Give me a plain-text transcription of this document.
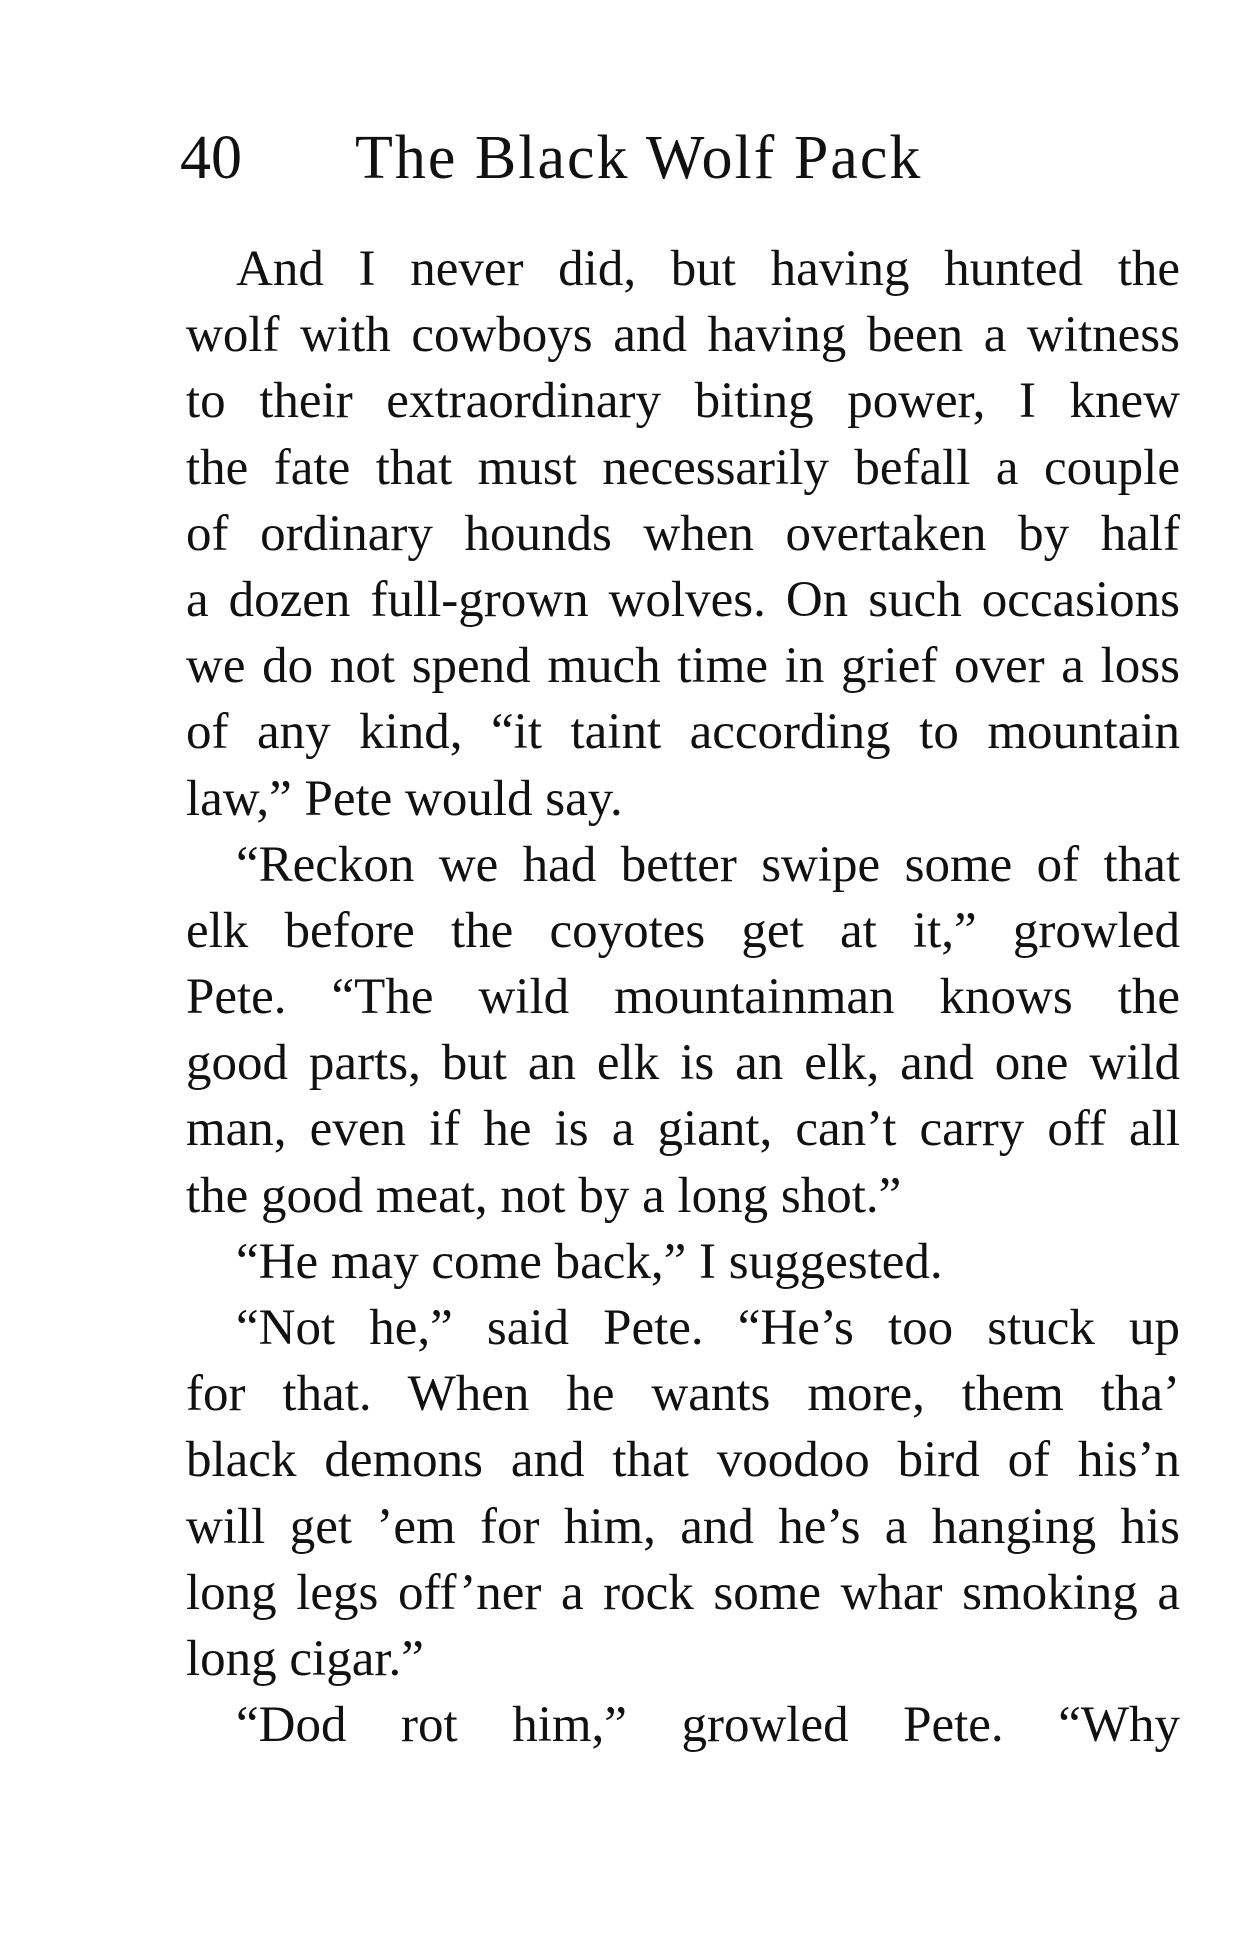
40 The Black Wolf Pack
And I never did, but having hunted the
wolf with cowboys and having been a witness
to their extraordinary biting power, I knew
the fate that must necessarily befall a couple
of ordinary hounds when overtaken by half
a dozen full-grown wolves. On such occasions
we do not spend much time in grief over a loss
of any kind, “it taint according to mountain
law,” Pete would say.
“Reckon we had better swipe some of that
elk before the coyotes get at it,” growled
Pete. “The wild mountainman knows the
good parts, but an elk is an elk, and one wild
man, even if he is a giant, can’t carry off all
the good meat, not by a long shot.”
“He may come back,” I suggested.
“Not he,” said Pete. “He’s too stuck up
for that. When he wants more, them tha’
black demons and that voodoo bird of his’n
will get ’em for him, and he’s a hanging his
long legs off’ner a rock some whar smoking a
long cigar.”
“Dod rot him,” growled Pete. “Why
